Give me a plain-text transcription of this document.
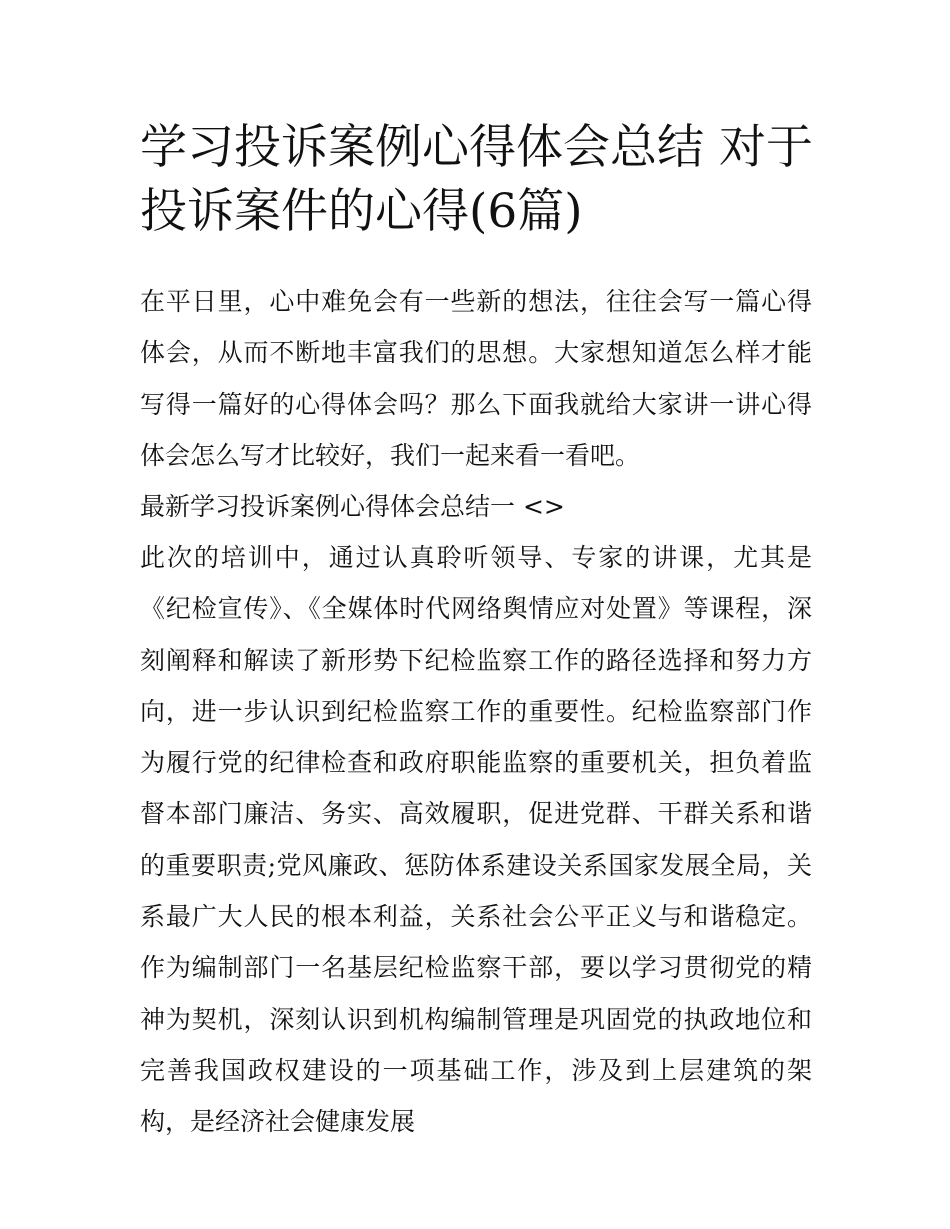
学习投诉案例心得体会总结 对于投诉案件的心得(6篇)

在平日里，心中难免会有一些新的想法，往往会写一篇心得体会，从而不断地丰富我们的思想。大家想知道怎么样才能写得一篇好的心得体会吗？那么下面我就给大家讲一讲心得体会怎么写才比较好，我们一起来看一看吧。

最新学习投诉案例心得体会总结一 <>

此次的培训中，通过认真聆听领导、专家的讲课，尤其是《纪检宣传》、《全媒体时代网络舆情应对处置》等课程，深刻阐释和解读了新形势下纪检监察工作的路径选择和努力方向，进一步认识到纪检监察工作的重要性。纪检监察部门作为履行党的纪律检查和政府职能监察的重要机关，担负着监督本部门廉洁、务实、高效履职，促进党群、干群关系和谐的重要职责;党风廉政、惩防体系建设关系国家发展全局，关系最广大人民的根本利益，关系社会公平正义与和谐稳定。作为编制部门一名基层纪检监察干部，要以学习贯彻党的精神为契机，深刻认识到机构编制管理是巩固党的执政地位和完善我国政权建设的一项基础工作，涉及到上层建筑的架构，是经济社会健康发展
